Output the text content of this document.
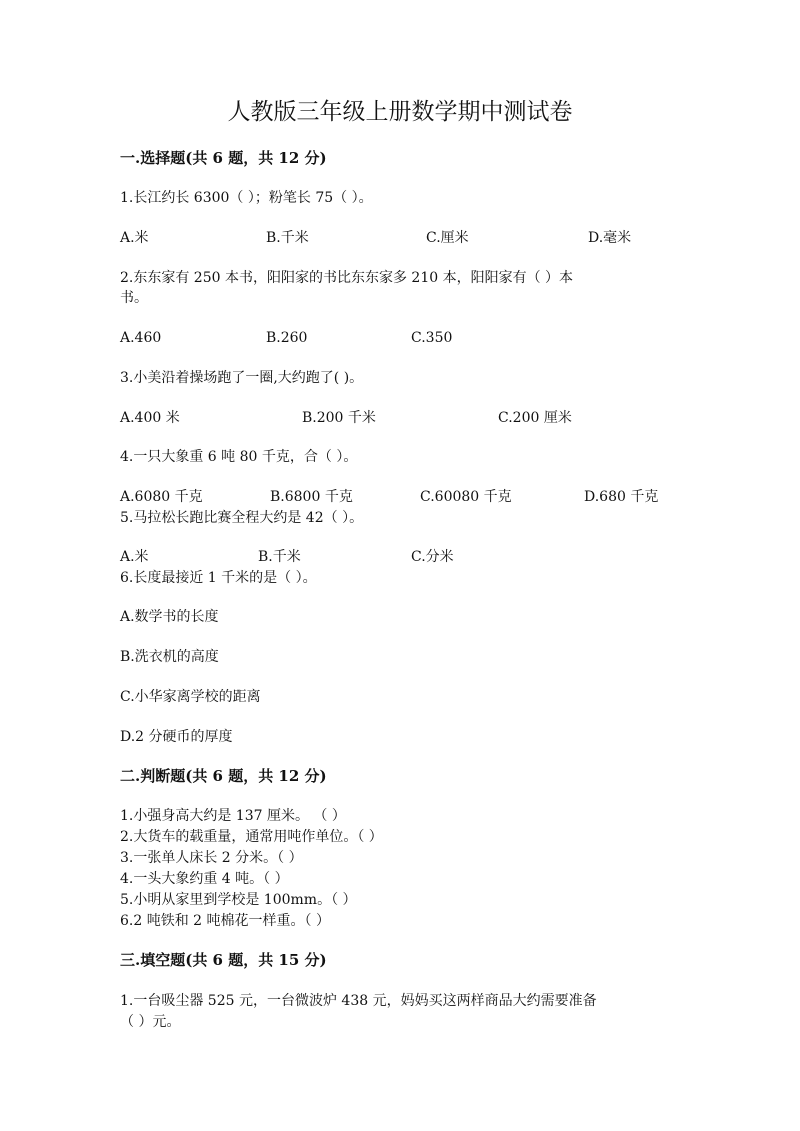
人教版三年级上册数学期中测试卷
一.选择题(共 6 题，共 12 分)
1.长江约长 6300（ ）；粉笔长 75（ ）。
A.米	B.千米	C.厘米	D.毫米
2.东东家有 250 本书，阳阳家的书比东东家多 210 本，阳阳家有（ ）本
书。
A.460	B.260	C.350
3.小美沿着操场跑了一圈,大约跑了( )。
A.400 米	B.200 千米	C.200 厘米
4.一只大象重 6 吨 80 千克，合（ ）。
A.6080 千克	B.6800 千克	C.60080 千克	D.680 千克
5.马拉松长跑比赛全程大约是 42（ ）。
A.米	B.千米	C.分米
6.长度最接近 1 千米的是（ ）。
A.数学书的长度
B.洗衣机的高度
C.小华家离学校的距离
D.2 分硬币的厚度
二.判断题(共 6 题，共 12 分)
1.小强身高大约是 137 厘米。 （ ）
2.大货车的载重量，通常用吨作单位。（ ）
3.一张单人床长 2 分米。（ ）
4.一头大象约重 4 吨。（ ）
5.小明从家里到学校是 100mm。（ ）
6.2 吨铁和 2 吨棉花一样重。（ ）
三.填空题(共 6 题，共 15 分)
1.一台吸尘器 525 元，一台微波炉 438 元，妈妈买这两样商品大约需要准备
（ ）元。
